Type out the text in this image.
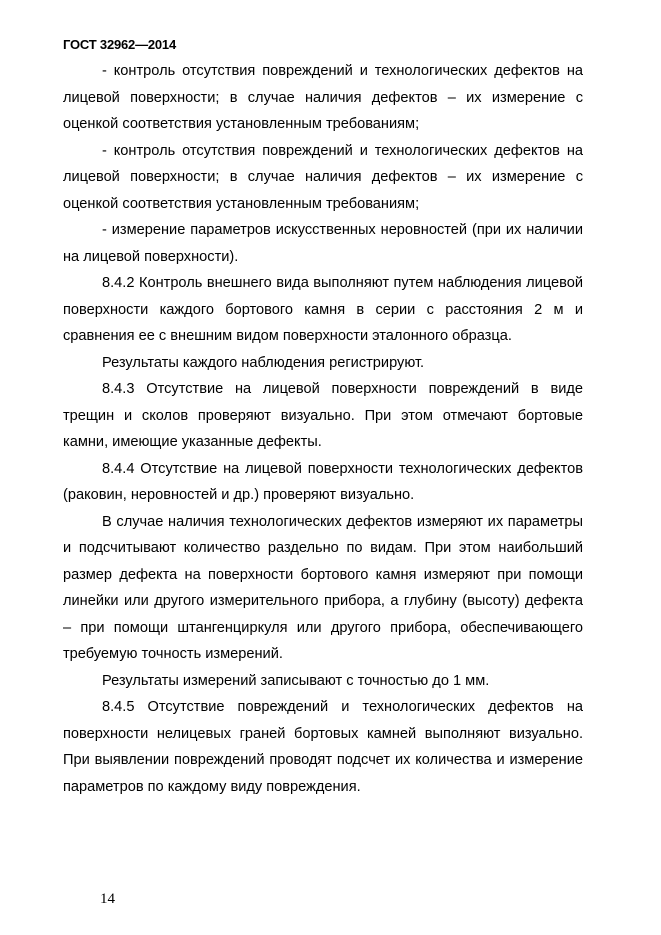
ГОСТ 32962—2014

- контроль отсутствия повреждений и технологических дефектов на лицевой поверхности; в случае наличия дефектов – их измерение с оценкой соответствия установленным требованиям;

- контроль отсутствия повреждений и технологических дефектов на лицевой поверхности; в случае наличия дефектов – их измерение с оценкой соответствия установленным требованиям;

- измерение параметров искусственных неровностей (при их наличии на лицевой поверхности).

8.4.2 Контроль внешнего вида выполняют путем наблюдения лицевой поверхности каждого бортового камня в серии с расстояния 2 м и сравнения ее с внешним видом поверхности эталонного образца.

Результаты каждого наблюдения регистрируют.

8.4.3 Отсутствие на лицевой поверхности повреждений в виде трещин и сколов проверяют визуально. При этом отмечают бортовые камни, имеющие указанные дефекты.

8.4.4 Отсутствие на лицевой поверхности технологических дефектов (раковин, неровностей и др.) проверяют визуально.

В случае наличия технологических дефектов измеряют их параметры и подсчитывают количество раздельно по видам. При этом наибольший размер дефекта на поверхности бортового камня измеряют при помощи линейки или другого измерительного прибора, а глубину (высоту) дефекта – при помощи штангенциркуля или другого прибора, обеспечивающего требуемую точность измерений.

Результаты измерений записывают с точностью до 1 мм.

8.4.5 Отсутствие повреждений и технологических дефектов на поверхности нелицевых граней бортовых камней выполняют визуально. При выявлении повреждений проводят подсчет их количества и измерение параметров по каждому виду повреждения.

14
